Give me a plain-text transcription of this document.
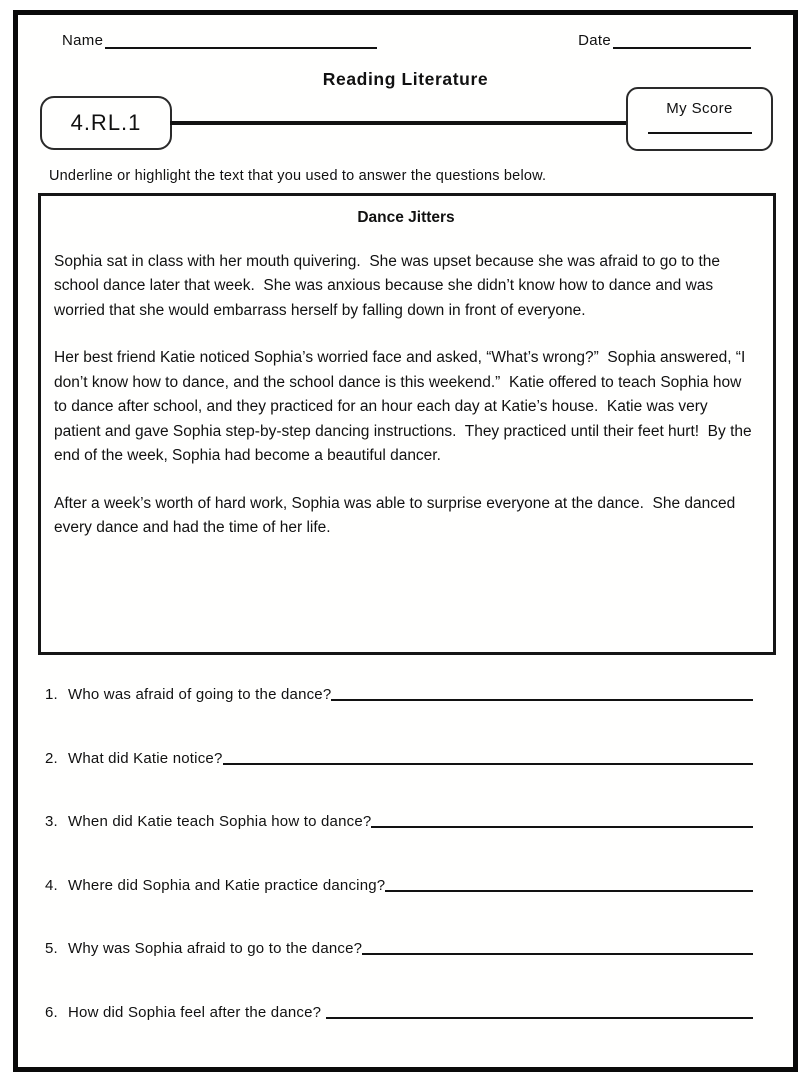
Name	Date
Reading Literature
4.RL.1
My Score
Underline or highlight the text that you used to answer the questions below.
Dance Jitters

Sophia sat in class with her mouth quivering.  She was upset because she was afraid to go to the school dance later that week.  She was anxious because she didn’t know how to dance and was worried that she would embarrass herself by falling down in front of everyone.

Her best friend Katie noticed Sophia’s worried face and asked, “What’s wrong?”  Sophia answered, “I don’t know how to dance, and the school dance is this weekend.”  Katie offered to teach Sophia how to dance after school, and they practiced for an hour each day at Katie’s house.  Katie was very patient and gave Sophia step-by-step dancing instructions.  They practiced until their feet hurt!  By the end of the week, Sophia had become a beautiful dancer.

After a week’s worth of hard work, Sophia was able to surprise everyone at the dance.  She danced every dance and had the time of her life.

1. Who was afraid of going to the dance?
2. What did Katie notice?
3. When did Katie teach Sophia how to dance?
4. Where did Sophia and Katie practice dancing?
5. Why was Sophia afraid to go to the dance?
6. How did Sophia feel after the dance?
